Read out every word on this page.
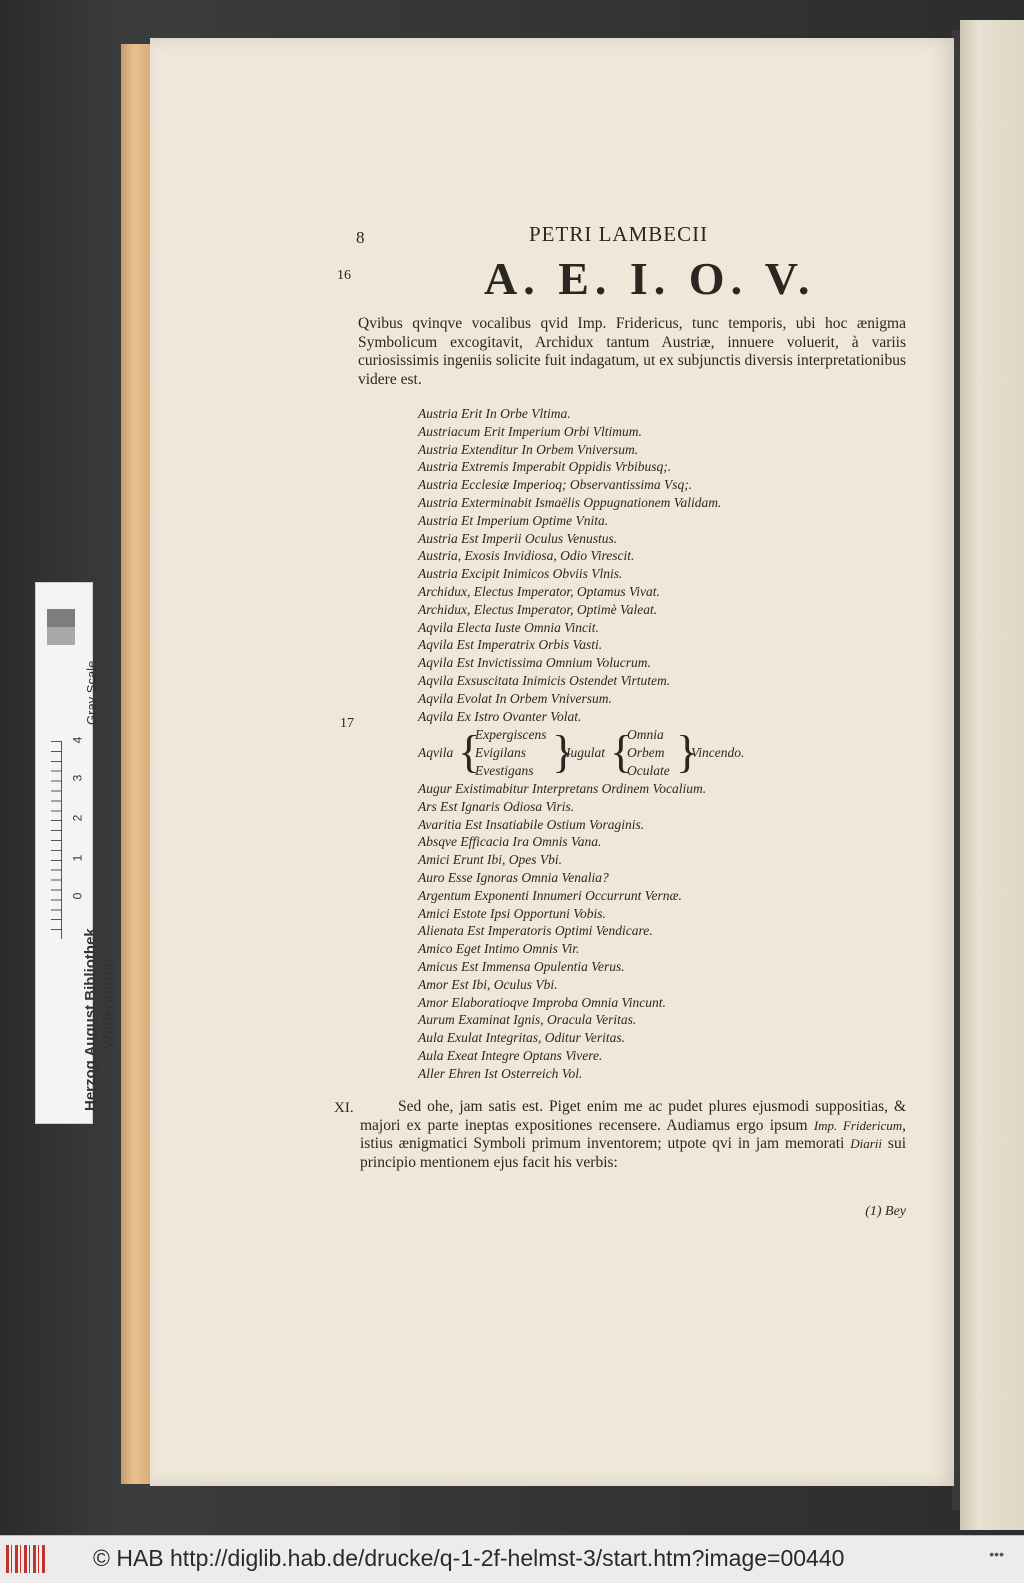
8	PETRI LAMBECII
16	A. E. I. O. V.
Qvibus qvinqve vocalibus qvid Imp. Fridericus, tunc temporis, ubi hoc ænigma Symbolicum excogitavit, Archidux tantum Austriæ, innuere voluerit, à variis curiosissimis ingeniis solicite fuit indagatum, ut ex subjunctis diversis interpretationibus videre est.
Austria Erit In Orbe Vltima.
Austriacum Erit Imperium Orbi Vltimum.
Austria Extenditur In Orbem Vniversum.
Austria Extremis Imperabit Oppidis Vrbibusq;.
Austria Ecclesiæ Imperioq; Observantissima Vsq;.
Austria Exterminabit Ismaëlis Oppugnationem Validam.
Austria Et Imperium Optime Vnita.
Austria Est Imperii Oculus Venustus.
Austria, Exosis Invidiosa, Odio Virescit.
Austria Excipit Inimicos Obviis Vlnis.
Archidux, Electus Imperator, Optamus Vivat.
Archidux, Electus Imperator, Optimè Valeat.
Aqvila Electa Iuste Omnia Vincit.
Aqvila Est Imperatrix Orbis Vasti.
Aqvila Est Invictissima Omnium Volucrum.
Aqvila Exsuscitata Inimicis Ostendet Virtutem.
Aqvila Evolat In Orbem Vniversum.
Aqvila Ex Istro Ovanter Volat.
17
Aqvila {
Expergiscens
Evigilans
Evestigans }
Iugulat {
Omnia
Orbem
Oculate }
Vincendo.
Augur Existimabitur Interpretans Ordinem Vocalium.
Ars Est Ignaris Odiosa Viris.
Avaritia Est Insatiabile Ostium Voraginis.
Absqve Efficacia Ira Omnis Vana.
Amici Erunt Ibi, Opes Vbi.
Auro Esse Ignoras Omnia Venalia?
Argentum Exponenti Innumeri Occurrunt Vernæ.
Amici Estote Ipsi Opportuni Vobis.
Alienata Est Imperatoris Optimi Vendicare.
Amico Eget Intimo Omnis Vir.
Amicus Est Immensa Opulentia Verus.
Amor Est Ibi, Oculus Vbi.
Amor Elaboratioqve Improba Omnia Vincunt.
Aurum Examinat Ignis, Oracula Veritas.
Aula Exulat Integritas, Oditur Veritas.
Aula Exeat Integre Optans Vivere.
Aller Ehren Ist Osterreich Vol.
XI.	Sed ohe, jam satis est. Piget enim me ac pudet plures ejusmodi suppositias, & majori ex parte ineptas expositiones recensere. Audiamus ergo ipsum Imp. Fridericum, istius ænigmatici Symboli primum inventorem; utpote qvi in jam memorati Diarii sui principio mentionem ejus facit his verbis:
(1) Bey
Gray Scale
0
1
2
3
4
Herzog August Bibliothek Wolfenbüttel
© HAB http://diglib.hab.de/drucke/q-1-2f-helmst-3/start.htm?image=00440	•••
